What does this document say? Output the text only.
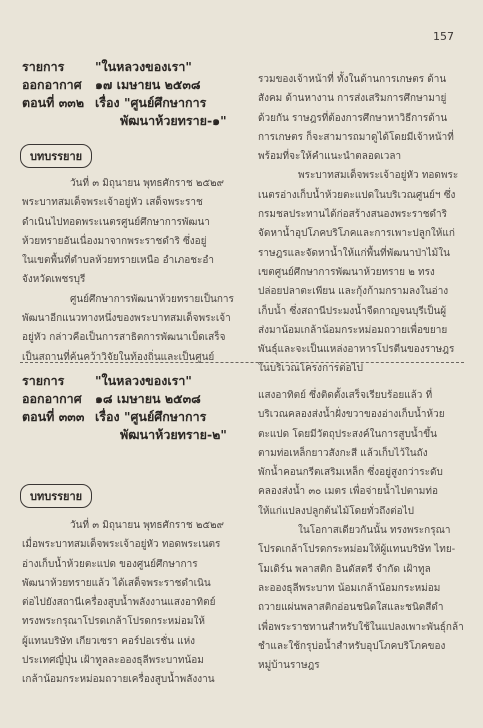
157
รายการ "ในหลวงของเรา"
ออกอากาศ ๑๗ เมษายน ๒๕๓๘
ตอนที่ ๓๓๒ เรื่อง "ศูนย์ศึกษาการ
พัฒนาห้วยทราย-๑"
บทบรรยาย

วันที่ ๓ มิถุนายน พุทธศักราช ๒๕๒๙

พระบาทสมเด็จพระเจ้าอยู่หัว เสด็จพระราช

ดำเนินไปทอดพระเนตรศูนย์ศึกษาการพัฒนา

ห้วยทรายอันเนื่องมาจากพระราชดำริ ซึ่งอยู่

ในเขตพื้นที่ตำบลห้วยทรายเหนือ อำเภอชะอำ

จังหวัดเพชรบุรี

ศูนย์ศึกษาการพัฒนาห้วยทรายเป็นการ

พัฒนาอีกแนวทางหนึ่งของพระบาทสมเด็จพระเจ้า

อยู่หัว กล่าวคือเป็นการสาธิตการพัฒนาเบ็ดเสร็จ

เป็นสถานที่ค้นคว้าวิจัยในท้องถิ่นและเป็นศูนย์

รวมของเจ้าหน้าที่ ทั้งในด้านการเกษตร ด้าน

สังคม ด้านหางาน การส่งเสริมการศึกษามายู่

ด้วยกัน ราษฎรที่ต้องการศึกษาหาวิธีการด้าน

การเกษตร ก็จะสามารถมาดูได้โดยมีเจ้าหน้าที่

พร้อมที่จะให้คำแนะนำตลอดเวลา

พระบาทสมเด็จพระเจ้าอยู่หัว ทอดพระ

เนตรอ่างเก็บน้ำห้วยตะแปดในบริเวณศูนย์ฯ ซึ่ง

กรมชลประทานได้ก่อสร้างสนองพระราชดำริ

จัดหาน้ำอุปโภคบริโภคและการเพาะปลูกให้แก่

ราษฎรและจัดหาน้ำให้แก่พื้นที่พัฒนาป่าไม้ใน

เขตศูนย์ศึกษาการพัฒนาห้วยทราย ๒ ทรง

ปล่อยปลาตะเพียน และกุ้งก้ามกรามลงในอ่าง

เก็บน้ำ ซึ่งสถานีประมงน้ำจืดกาญจนบุรีเป็นผู้

ส่งมาน้อมเกล้าน้อมกระหม่อมถวายเพื่อขยาย

พันธุ์และจะเป็นแหล่งอาหารโปรตีนของราษฎร

ในบริเวณโครงการต่อไป

รายการ "ในหลวงของเรา"
ออกอากาศ ๑๘ เมษายน ๒๕๓๘
ตอนที่ ๓๓๓ เรื่อง "ศูนย์ศึกษาการ
พัฒนาห้วยทราย-๒"
บทบรรยาย

วันที่ ๓ มิถุนายน พุทธศักราช ๒๕๒๙

เมื่อพระบาทสมเด็จพระเจ้าอยู่หัว ทอดพระเนตร

อ่างเก็บน้ำห้วยตะแปด ของศูนย์ศึกษาการ

พัฒนาห้วยทรายแล้ว ได้เสด็จพระราชดำเนิน

ต่อไปยังสถานีเครื่องสูบน้ำพลังงานแสงอาทิตย์

ทรงพระกรุณาโปรดเกล้าโปรดกระหม่อมให้

ผู้แทนบริษัท เกียวเซรา คอร์ปอเรชั่น แห่ง

ประเทศญี่ปุ่น เฝ้าทูลละอองธุลีพระบาทน้อม

เกล้าน้อมกระหม่อมถวายเครื่องสูบน้ำพลังงาน

แสงอาทิตย์ ซึ่งติดตั้งเสร็จเรียบร้อยแล้ว ที่

บริเวณคลองส่งน้ำฝั่งขวาของอ่างเก็บน้ำห้วย

ตะแปด โดยมีวัตถุประสงค์ในการสูบน้ำขึ้น

ตามท่อเหล็กยาวสังกะสี แล้วเก็บไว้ในถัง

พักน้ำคอนกรีตเสริมเหล็ก ซึ่งอยู่สูงกว่าระดับ

คลองส่งน้ำ ๓๐ เมตร เพื่อจ่ายน้ำไปตามท่อ

ให้แก่แปลงปลูกต้นไม้โดยทั่วถึงต่อไป

ในโอกาสเดียวกันนั้น ทรงพระกรุณา

โปรดเกล้าโปรดกระหม่อมให้ผู้แทนบริษัท ไทย-

โมเดิร์น พลาสติก อินดัสตรี จำกัด เฝ้าทูล

ละอองธุลีพระบาท น้อมเกล้าน้อมกระหม่อม

ถวายแผ่นพลาสติกอ่อนชนิดใสและชนิดสีดำ

เพื่อพระราชทานสำหรับใช้ในแปลงเพาะพันธุ์กล้า

ชำและใช้กรุบ่อน้ำสำหรับอุปโภคบริโภคของ

หมู่บ้านราษฎร
